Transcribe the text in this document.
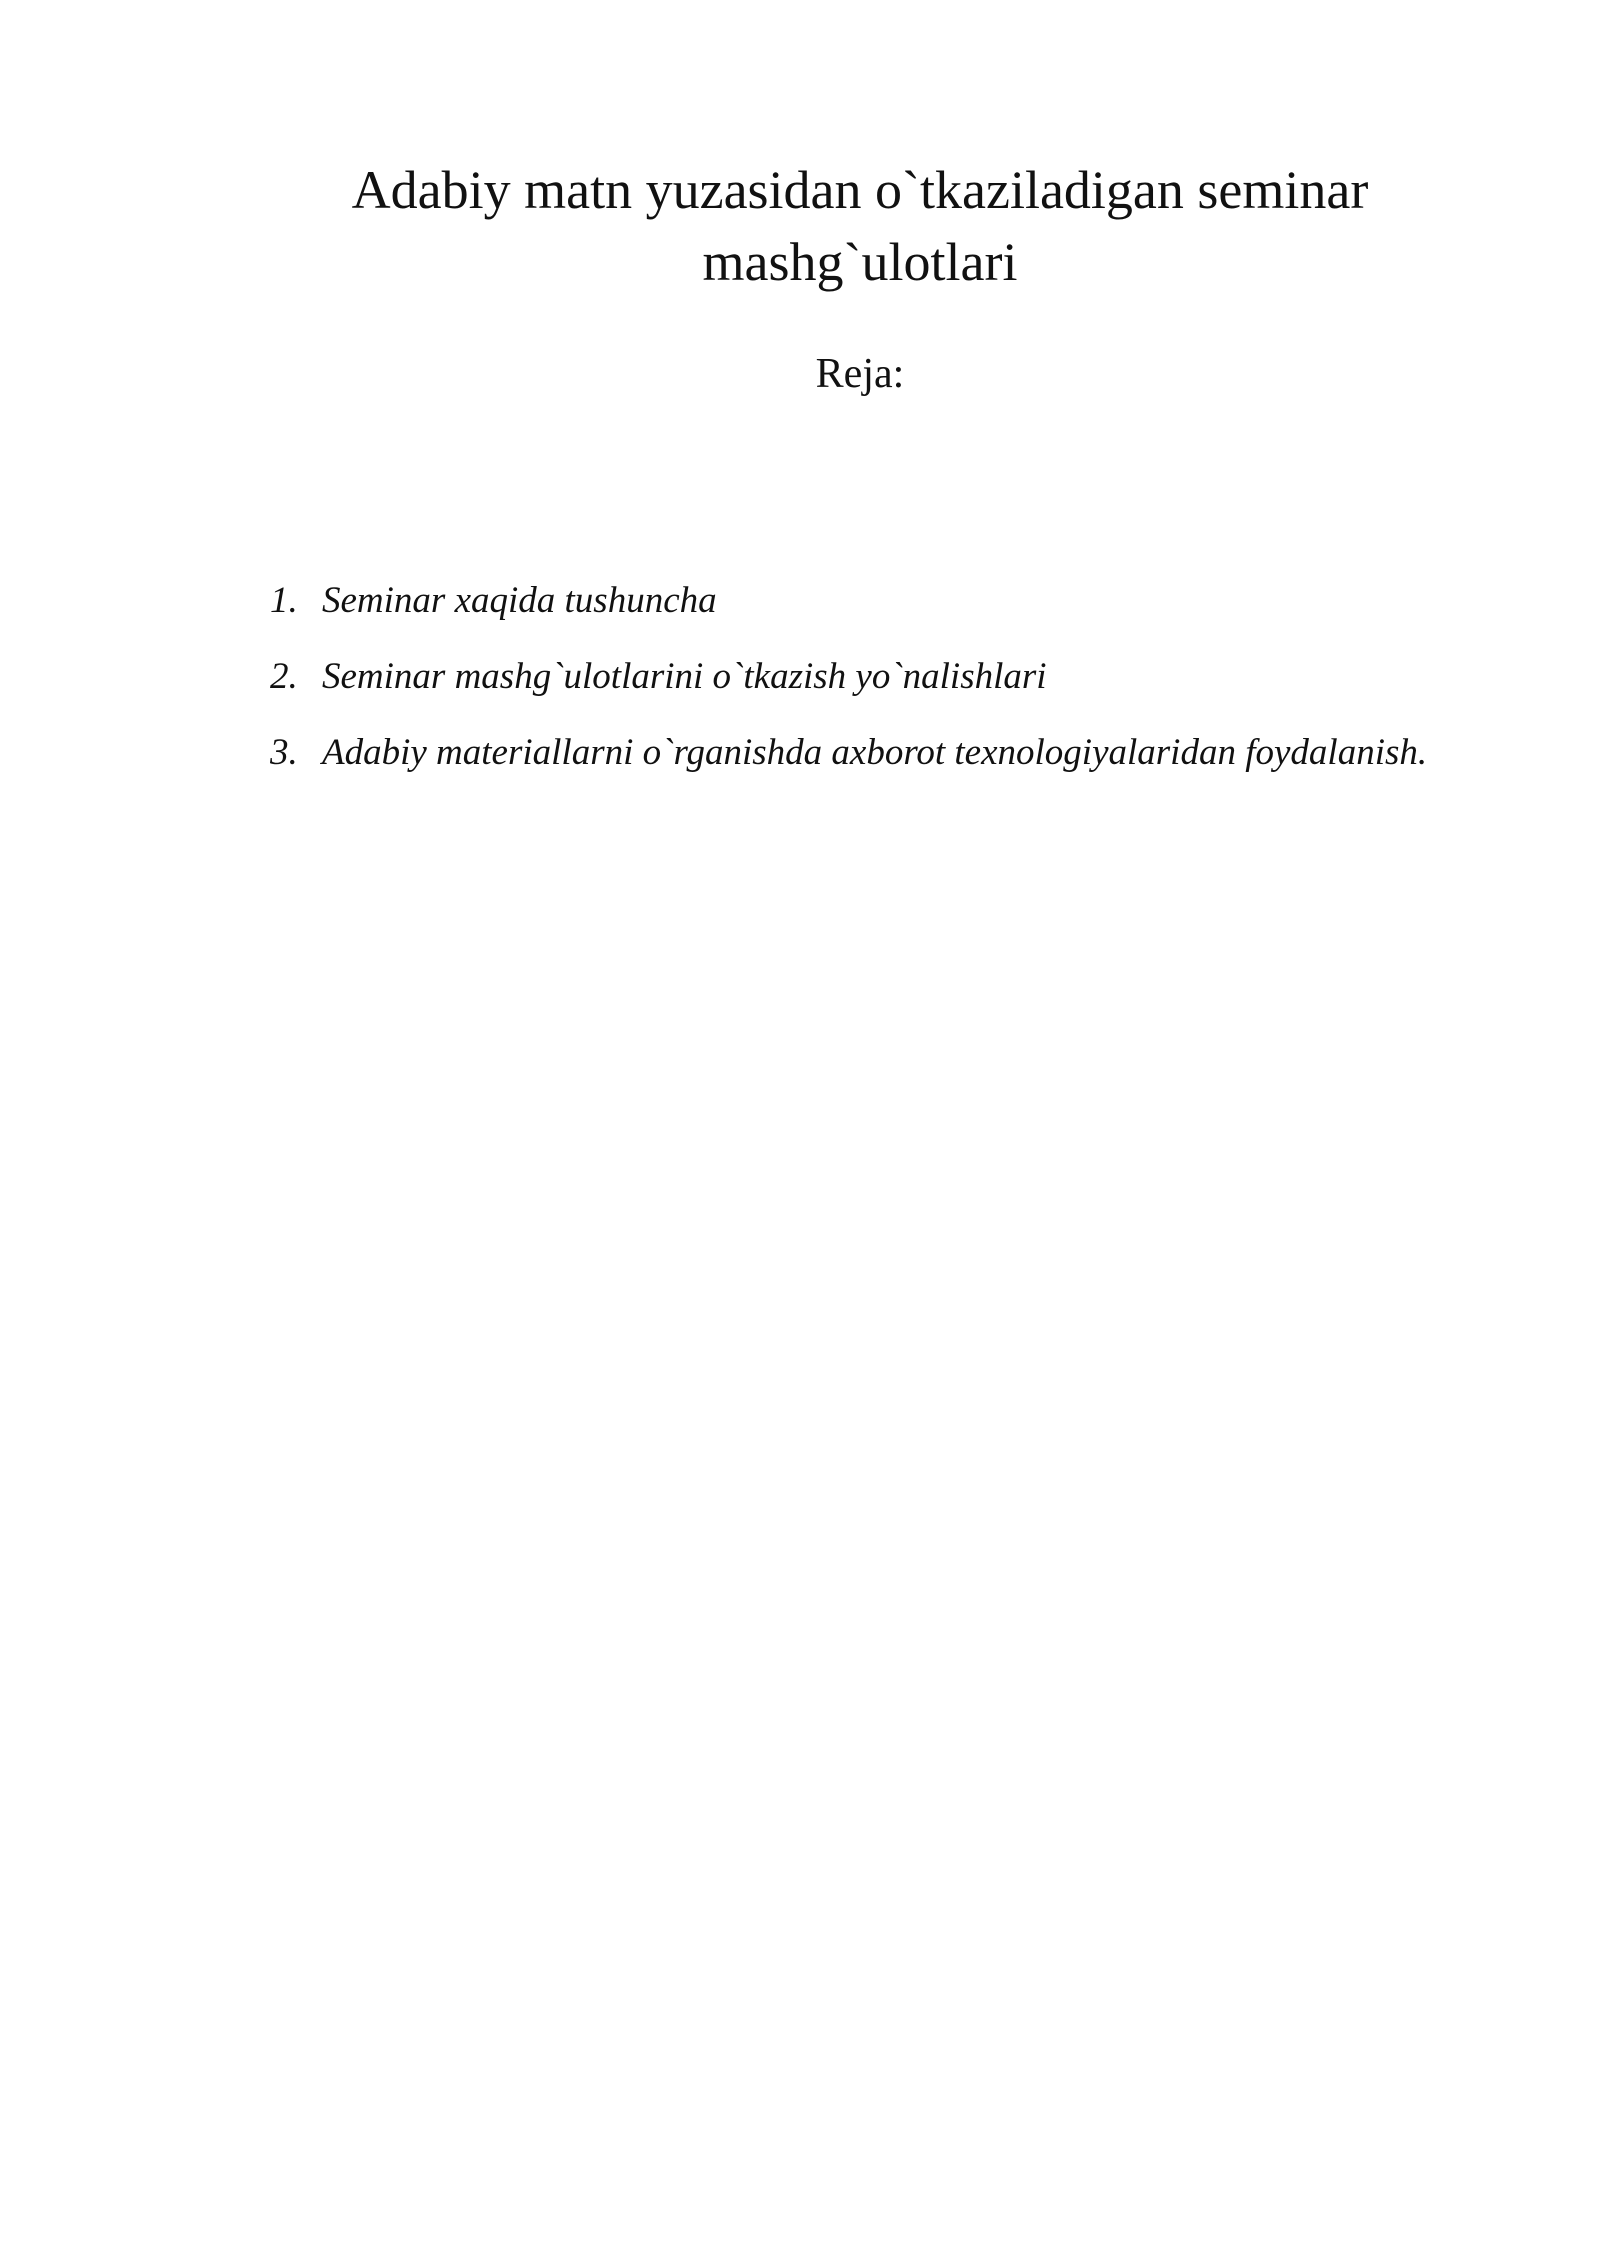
Adabiy matn yuzasidan o`tkaziladigan seminar mashg`ulotlari

Reja:

1. Seminar xaqida tushuncha
2. Seminar mashg`ulotlarini o`tkazish yo`nalishlari
3. Adabiy materiallarni o`rganishda axborot texnologiyalaridan foydalanish.
